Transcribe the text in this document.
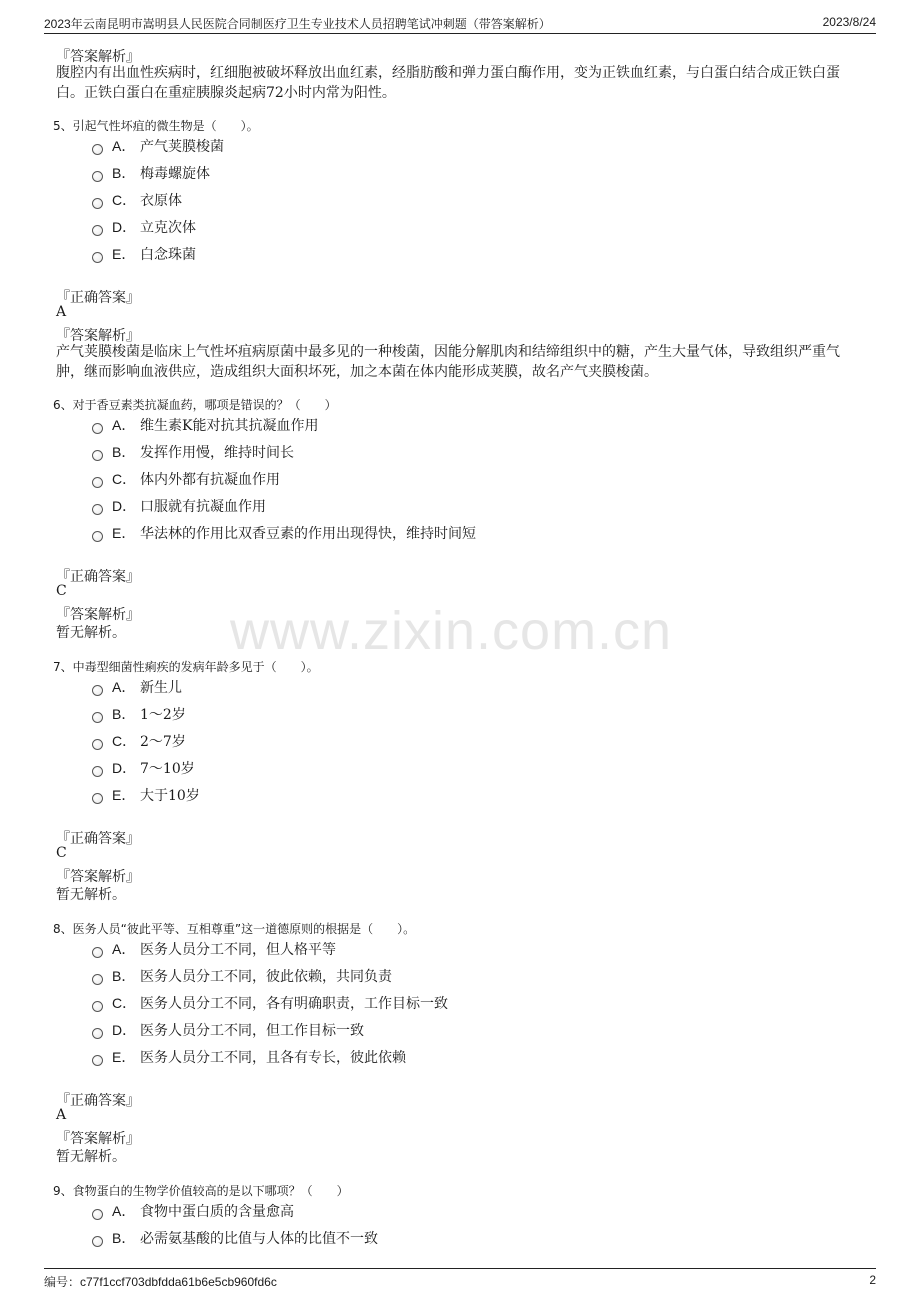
2023年云南昆明市嵩明县人民医院合同制医疗卫生专业技术人员招聘笔试冲刺题（带答案解析）	2023/8/24
www.zixin.com.cn
『答案解析』
腹腔内有出血性疾病时，红细胞被破坏释放出血红素，经脂肪酸和弹力蛋白酶作用，变为正铁血红素，与白蛋白结合成正铁白蛋白。正铁白蛋白在重症胰腺炎起病72小时内常为阳性。
5、引起气性坏疽的微生物是（　　）。
A． 产气荚膜梭菌
B． 梅毒螺旋体
C． 衣原体
D． 立克次体
E． 白念珠菌
『正确答案』
A
『答案解析』
产气荚膜梭菌是临床上气性坏疽病原菌中最多见的一种梭菌，因能分解肌肉和结缔组织中的糖，产生大量气体，导致组织严重气肿，继而影响血液供应，造成组织大面积坏死，加之本菌在体内能形成荚膜，故名产气夹膜梭菌。
6、对于香豆素类抗凝血药，哪项是错误的？（　　）
A． 维生素K能对抗其抗凝血作用
B． 发挥作用慢，维持时间长
C． 体内外都有抗凝血作用
D． 口服就有抗凝血作用
E． 华法林的作用比双香豆素的作用出现得快，维持时间短
『正确答案』
C
『答案解析』
暂无解析。
7、中毒型细菌性痢疾的发病年龄多见于（　　）。
A． 新生儿
B． 1～2岁
C． 2～7岁
D． 7～10岁
E． 大于10岁
『正确答案』
C
『答案解析』
暂无解析。
8、医务人员“彼此平等、互相尊重”这一道德原则的根据是（　　）。
A． 医务人员分工不同，但人格平等
B． 医务人员分工不同，彼此依赖，共同负责
C． 医务人员分工不同，各有明确职责，工作目标一致
D． 医务人员分工不同，但工作目标一致
E． 医务人员分工不同，且各有专长，彼此依赖
『正确答案』
A
『答案解析』
暂无解析。
9、食物蛋白的生物学价值较高的是以下哪项？（　　）
A． 食物中蛋白质的含量愈高
B． 必需氨基酸的比值与人体的比值不一致
编号：c77f1ccf703dbfdda61b6e5cb960fd6c	2
